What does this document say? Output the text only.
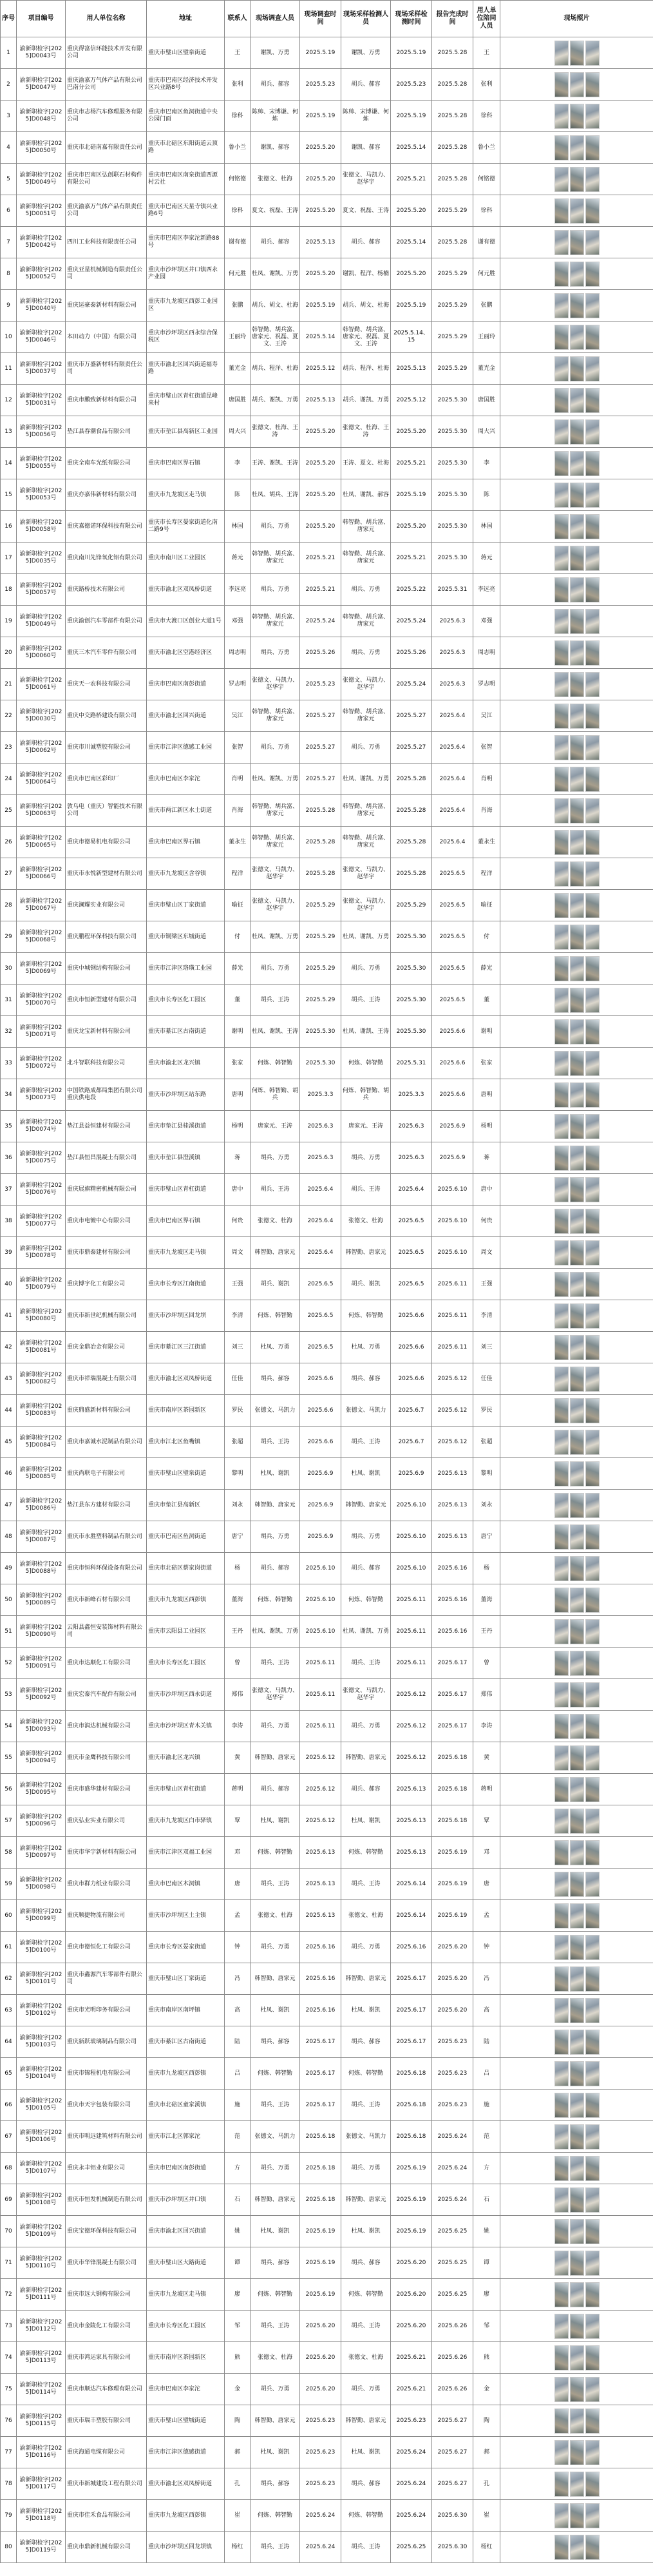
序号	项目编号	用人单位名称	地址	联系人	现场调查人员	现场调查时间	现场采样检测人员	现场采样检测时间	报告完成时间	用人单位陪同人员	现场照片
1	渝新职检字[2025]D0043号	重庆得富信环能技术开发有限公司	重庆市璧山区璧泉街道	王	谢凯、万勇	2025.5.19	谢凯、万勇	2025.5.19	2025.5.28	王	

2	渝新职检字[2025]D0047号	重庆渝嘉万气体产品有限公司巴南分公司	重庆市巴南区经济技术开发区兴业路8号	张利	胡兵、郝容	2025.5.23	胡兵、郝容	2025.5.23	2025.5.28	张利	

3	渝新职检字[2025]D0048号	重庆市志杨汽车修理服务有限公司	重庆市巴南区鱼洞街道中央公园门面	徐科	陈帅、宋博谦、何炼	2025.5.19	陈帅、宋博谦、何炼	2025.5.19	2025.5.28	徐科	

4	渝新职检字[2025]D0050号	重庆市北碚南嘉有限责任公司	重庆市北碚区东阳街道云顶路	鲁小兰	谢凯、郝容	2025.5.20	谢凯、郝容	2025.5.14	2025.5.28	鲁小兰	

5	渝新职检字[2025]D0049号	重庆市巴南区弘创联石材构件有限公司	重庆市巴南区南泉街道西源村云社	何铭德	张德文、杜海	2025.5.20	张德文、马凯力、赵华宇	2025.5.21	2025.5.28	何铭德	

6	渝新职检字[2025]D0051号	重庆渝嘉万气体产品有限责任公司	重庆市巴南区天星寺镇兴业路6号	徐科	夏文、祝磊、王涛	2025.5.20	夏文、祝磊、王涛	2025.5.20	2025.5.29	徐科	

7	渝新职检字[2025]D0042号	四川工业科技有限责任公司	重庆市巴南区李家沱新路88号	谢有德	胡兵、郝容	2025.5.13	胡兵、郝容	2025.5.14	2025.5.28	谢有德	

8	渝新职检字[2025]D0052号	重庆亚星机械制造有限责任公司	重庆市沙坪坝区井口镇西永产业园	何元胜	杜凤、谢凯、万勇	2025.5.20	谢凯、程洋、杨楠	2025.5.20	2025.5.29	何元胜	

9	渝新职检字[2025]D0040号	重庆运豪泰新材料有限公司	重庆市九龙坡区西彭工业园区	张鹏	胡兵、胡文、杜海	2025.5.19	胡兵、胡文、杜海	2025.5.19	2025.5.29	张鹏	

10	渝新职检字[2025]D0046号	本田动力（中国）有限公司	重庆市沙坪坝区西永综合保税区	王丽玲	韩智勤、胡兵富、唐家元、祝磊、夏文、王涛	2025.5.14	韩智勤、胡兵富、唐家元、祝磊、夏文、王涛	2025.5.14、15	2025.5.29	王丽玲	

11	渝新职检字[2025]D0037号	重庆市万盛新材料有限责任公司	重庆市渝北区回兴街道福寿路	董光金	胡兵、程洋、杜海	2025.5.12	胡兵、程洋、杜海	2025.5.13	2025.5.29	董光金	

12	渝新职检字[2025]D0031号	重庆市鹏致新材料有限公司	重庆市璧山区青杠街道昆峰来村	唐国胜	胡兵、谢凯、万勇	2025.5.13	胡兵、谢凯、万勇	2025.5.12	2025.5.30	唐国胜	

13	渝新职检字[2025]D0056号	垫江县春潮食品有限公司	重庆市垫江县高新区工业园	周大兴	张德文、杜海、王涛	2025.5.20	张德文、杜海、王涛	2025.5.20	2025.5.30	周大兴	

14	渝新职检字[2025]D0055号	重庆全南车光纸有限公司	重庆市巴南区界石镇	李	王涛、谢凯、王涛	2025.5.20	王涛、夏文、杜海	2025.5.21	2025.5.30	李	

15	渝新职检字[2025]D0053号	重庆亦嘉伟新材料有限公司	重庆市九龙坡区走马镇	陈	杜凤、胡兵、王涛	2025.5.20	杜凤、谢凯、郝容	2025.5.19	2025.5.30	陈	

16	渝新职检字[2025]D0058号	重庆嘉德诺环保科技有限公司	重庆市长寿区晏家街道化南二路9号	林国	胡兵、万勇	2025.5.20	韩智勤、胡兵富、唐家元	2025.5.20	2025.5.30	林国	

17	渝新职检字[2025]D0035号	重庆南川先锋氧化铝有限公司	重庆市南川区工业园区	蒋元	韩智勤、胡兵富、唐家元	2025.5.21	韩智勤、胡兵富、唐家元	2025.5.21	2025.5.30	蒋元	

18	渝新职检字[2025]D0057号	重庆路桥技术有限公司	重庆市渝北区双凤桥街道	李远亮	胡兵、万勇	2025.5.21	胡兵、万勇	2025.5.22	2025.5.31	李远亮	

19	渝新职检字[2025]D0049号	重庆渝创汽车零部件有限公司	重庆市大渡口区创业大道1号	邓强	韩智勤、胡兵富、唐家元	2025.5.24	韩智勤、胡兵富、唐家元	2025.5.24	2025.6.3	邓强	

20	渝新职检字[2025]D0060号	重庆三木汽车零件有限公司	重庆市渝北区空港经济区	周志明	胡兵、万勇	2025.5.26	胡兵、万勇	2025.5.26	2025.6.3	周志明	

21	渝新职检字[2025]D0061号	重庆天一农科技有限公司	重庆市巴南区南彭街道	罗志明	张德文、马凯力、赵华宇	2025.5.23	张德文、马凯力、赵华宇	2025.5.24	2025.6.3	罗志明	

22	渝新职检字[2025]D0030号	重庆中交路桥建设有限公司	重庆市渝北区回兴街道	吴江	韩智勤、胡兵富、唐家元	2025.5.27	韩智勤、胡兵富、唐家元	2025.5.27	2025.6.4	吴江	

23	渝新职检字[2025]D0062号	重庆市川诚塑胶有限公司	重庆市江津区德感工业园	张智	胡兵、万勇	2025.5.27	胡兵、万勇	2025.5.27	2025.6.4	张智	

24	渝新职检字[2025]D0064号	重庆市巴南区彩印厂	重庆市巴南区李家沱	肖明	杜凤、谢凯、万勇	2025.5.27	杜凤、谢凯、万勇	2025.5.28	2025.6.4	肖明	

25	渝新职检字[2025]D0063号	敦乌电（重庆）智能技术有限公司	重庆市两江新区水土街道	肖海	韩智勤、胡兵富、唐家元	2025.5.28	韩智勤、胡兵富、唐家元	2025.5.28	2025.6.4	肖海	

26	渝新职检字[2025]D0065号	重庆市德易机电有限公司	重庆市巴南区界石镇	董永生	韩智勤、胡兵富、唐家元	2025.5.28	韩智勤、胡兵富、唐家元	2025.5.28	2025.6.4	董永生	

27	渝新职检字[2025]D0066号	重庆市永悦新型建材有限公司	重庆市九龙坡区含谷镇	程洋	张德文、马凯力、赵华宇	2025.5.28	张德文、马凯力、赵华宇	2025.5.28	2025.6.5	程洋	

28	渝新职检字[2025]D0067号	重庆澜耀实业有限公司	重庆市璧山区丁家街道	喻征	张德文、马凯力、赵华宇	2025.5.29	张德文、马凯力、赵华宇	2025.5.29	2025.6.5	喻征	

29	渝新职检字[2025]D0068号	重庆鹏程环保科技有限公司	重庆市铜梁区东城街道	付	杜凤、谢凯、万勇	2025.5.29	杜凤、谢凯、万勇	2025.5.30	2025.6.5	付	

30	渝新职检字[2025]D0069号	重庆中城钢结构有限公司	重庆市江津区珞璜工业园	薛光	胡兵、万勇	2025.5.29	胡兵、万勇	2025.5.30	2025.6.5	薛光	

31	渝新职检字[2025]D0070号	重庆市恒新型建材有限公司	重庆市长寿区化工园区	董	胡兵、王涛	2025.5.29	胡兵、王涛	2025.5.30	2025.6.5	董	

32	渝新职检字[2025]D0071号	重庆龙宝新材料有限公司	重庆市綦江区古南街道	谢明	杜凤、谢凯、王涛	2025.5.30	杜凤、谢凯、王涛	2025.5.30	2025.6.6	谢明	

33	渝新职检字[2025]D0072号	北斗智联科技有限公司	重庆市渝北区龙兴镇	张家	何炼、韩智勤	2025.5.30	何炼、韩智勤	2025.5.31	2025.6.6	张家	

34	渝新职检字[2025]D0073号	中国铁路成都局集团有限公司重庆供电段	重庆市沙坪坝区站东路	唐明	何炼、韩智勤、胡兵	2025.3.3	何炼、韩智勤、胡兵	2025.3.3	2025.6.6	唐明	

35	渝新职检字[2025]D0074号	垫江县益恒建材有限公司	重庆市垫江县桂溪街道	杨明	唐家元、王涛	2025.6.3	唐家元、王涛	2025.6.3	2025.6.9	杨明	

36	渝新职检字[2025]D0075号	垫江县恒昌混凝土有限公司	重庆市垫江县澄溪镇	蒋	胡兵、万勇	2025.6.3	胡兵、万勇	2025.6.3	2025.6.9	蒋	

37	渝新职检字[2025]D0076号	重庆展旗精密机械有限公司	重庆市璧山区青杠街道	唐中	胡兵、王涛	2025.6.4	胡兵、王涛	2025.6.4	2025.6.10	唐中	

38	渝新职检字[2025]D0077号	重庆市电镀中心有限公司	重庆市巴南区界石镇	何贵	张德文、杜海	2025.6.4	张德文、杜海	2025.6.5	2025.6.10	何贵	

39	渝新职检字[2025]D0078号	重庆市鼎泰建材有限公司	重庆市九龙坡区走马镇	周文	韩智勤、唐家元	2025.6.4	韩智勤、唐家元	2025.6.5	2025.6.10	周文	

40	渝新职检字[2025]D0079号	重庆博宇化工有限公司	重庆市长寿区江南街道	王强	胡兵、谢凯	2025.6.5	胡兵、谢凯	2025.6.5	2025.6.11	王强	

41	渝新职检字[2025]D0080号	重庆市新世纪机械有限公司	重庆市沙坪坝区回龙坝	李清	何炼、韩智勤	2025.6.5	何炼、韩智勤	2025.6.6	2025.6.11	李清	

42	渝新职检字[2025]D0081号	重庆金鼎冶金有限公司	重庆市綦江区三江街道	刘三	杜凤、万勇	2025.6.5	杜凤、万勇	2025.6.6	2025.6.11	刘三	

43	渝新职检字[2025]D0082号	重庆市祥瑞混凝土有限公司	重庆市渝北区双凤桥街道	任佳	胡兵、郝容	2025.6.6	胡兵、郝容	2025.6.6	2025.6.12	任佳	

44	渝新职检字[2025]D0083号	重庆鼎盛新材料有限公司	重庆市南岸区茶园新区	罗民	张德文、马凯力	2025.6.6	张德文、马凯力	2025.6.7	2025.6.12	罗民	

45	渝新职检字[2025]D0084号	重庆市嘉诚水泥制品有限公司	重庆市江北区鱼嘴镇	张超	胡兵、王涛	2025.6.6	胡兵、王涛	2025.6.7	2025.6.12	张超	

46	渝新职检字[2025]D0085号	重庆尚联电子有限公司	重庆市璧山区璧泉街道	黎明	杜凤、谢凯	2025.6.9	杜凤、谢凯	2025.6.9	2025.6.13	黎明	

47	渝新职检字[2025]D0086号	垫江县东方建材有限公司	重庆市垫江县高新区	刘永	韩智勤、唐家元	2025.6.9	韩智勤、唐家元	2025.6.10	2025.6.13	刘永	

48	渝新职检字[2025]D0087号	重庆市永胜塑料制品有限公司	重庆市巴南区鱼洞街道	唐宁	胡兵、万勇	2025.6.9	胡兵、万勇	2025.6.10	2025.6.13	唐宁	

49	渝新职检字[2025]D0088号	重庆市恒科环保设备有限公司	重庆市北碚区蔡家岗街道	杨	胡兵、郝容	2025.6.10	胡兵、郝容	2025.6.10	2025.6.16	杨	

50	渝新职检字[2025]D0089号	重庆市新峰石材有限公司	重庆市九龙坡区西彭镇	董海	何炼、韩智勤	2025.6.10	何炼、韩智勤	2025.6.11	2025.6.16	董海	

51	渝新职检字[2025]D0090号	云阳县鑫恒安装饰材料有限公司	重庆市云阳县工业园区	王丹	杜凤、谢凯、万勇	2025.6.10	杜凤、谢凯、万勇	2025.6.11	2025.6.16	王丹	

52	渝新职检字[2025]D0091号	重庆市达顺化工有限公司	重庆市长寿区化工园区	曾	胡兵、王涛	2025.6.11	胡兵、王涛	2025.6.11	2025.6.17	曾	

53	渝新职检字[2025]D0092号	重庆宏泰汽车配件有限公司	重庆市沙坪坝区西永街道	郑伟	张德文、马凯力、赵华宇	2025.6.11	张德文、马凯力、赵华宇	2025.6.12	2025.6.17	郑伟	

54	渝新职检字[2025]D0093号	重庆市润达机械有限公司	重庆市沙坪坝区青木关镇	李涛	胡兵、万勇	2025.6.11	胡兵、万勇	2025.6.12	2025.6.17	李涛	

55	渝新职检字[2025]D0094号	重庆市金鹰科技有限公司	重庆市渝北区龙兴镇	黄	韩智勤、唐家元	2025.6.12	韩智勤、唐家元	2025.6.12	2025.6.18	黄	

56	渝新职检字[2025]D0095号	重庆市盛华建材有限公司	重庆市璧山区青杠街道	蒋明	胡兵、郝容	2025.6.12	胡兵、郝容	2025.6.13	2025.6.18	蒋明	

57	渝新职检字[2025]D0096号	重庆弘业实业有限公司	重庆市九龙坡区白市驿镇	覃	杜凤、谢凯	2025.6.12	杜凤、谢凯	2025.6.13	2025.6.18	覃	

58	渝新职检字[2025]D0097号	重庆市华宇新材料有限公司	重庆市江津区双福工业园	邓	何炼、韩智勤	2025.6.13	何炼、韩智勤	2025.6.13	2025.6.19	邓	

59	渝新职检字[2025]D0098号	重庆市群力纸业有限公司	重庆市巴南区木洞镇	唐	胡兵、王涛	2025.6.13	胡兵、王涛	2025.6.14	2025.6.19	唐	

60	渝新职检字[2025]D0099号	重庆顺捷物流有限公司	重庆市沙坪坝区土主镇	孟	张德文、杜海	2025.6.13	张德文、杜海	2025.6.14	2025.6.19	孟	

61	渝新职检字[2025]D0100号	重庆市德恒化工有限公司	重庆市长寿区晏家街道	钟	胡兵、万勇	2025.6.16	胡兵、万勇	2025.6.16	2025.6.20	钟	

62	渝新职检字[2025]D0101号	重庆市鑫源汽车零部件有限公司	重庆市璧山区丁家街道	冯	韩智勤、唐家元	2025.6.16	韩智勤、唐家元	2025.6.17	2025.6.20	冯	

63	渝新职检字[2025]D0102号	重庆市光明印务有限公司	重庆市南岸区南坪镇	高	杜凤、谢凯	2025.6.16	杜凤、谢凯	2025.6.17	2025.6.20	高	

64	渝新职检字[2025]D0103号	重庆新跃玻璃制品有限公司	重庆市綦江区古南街道	陆	胡兵、郝容	2025.6.17	胡兵、郝容	2025.6.17	2025.6.23	陆	

65	渝新职检字[2025]D0104号	重庆市锦程机电有限公司	重庆市九龙坡区西彭镇	吕	何炼、韩智勤	2025.6.17	何炼、韩智勤	2025.6.18	2025.6.23	吕	

66	渝新职检字[2025]D0105号	重庆市天宇包装有限公司	重庆市北碚区童家溪镇	施	胡兵、王涛	2025.6.17	胡兵、王涛	2025.6.18	2025.6.23	施	

67	渝新职检字[2025]D0106号	重庆市明远建筑材料有限公司	重庆市江北区郭家沱	范	张德文、马凯力	2025.6.18	张德文、马凯力	2025.6.18	2025.6.24	范	

68	渝新职检字[2025]D0107号	重庆永丰铝业有限公司	重庆市巴南区南彭街道	方	胡兵、万勇	2025.6.18	胡兵、万勇	2025.6.19	2025.6.24	方	

69	渝新职检字[2025]D0108号	重庆市恒发机械制造有限公司	重庆市沙坪坝区井口镇	石	韩智勤、唐家元	2025.6.18	韩智勤、唐家元	2025.6.19	2025.6.24	石	

70	渝新职检字[2025]D0109号	重庆宝德环保科技有限公司	重庆市渝北区回兴街道	姚	杜凤、谢凯	2025.6.19	杜凤、谢凯	2025.6.19	2025.6.25	姚	

71	渝新职检字[2025]D0110号	重庆市华锋混凝土有限公司	重庆市璧山区大路街道	谭	胡兵、郝容	2025.6.19	胡兵、郝容	2025.6.20	2025.6.25	谭	

72	渝新职检字[2025]D0111号	重庆市远大钢构有限公司	重庆市九龙坡区走马镇	廖	何炼、韩智勤	2025.6.19	何炼、韩智勤	2025.6.20	2025.6.25	廖	

73	渝新职检字[2025]D0112号	重庆市金陵化工有限公司	重庆市长寿区化工园区	邹	胡兵、王涛	2025.6.20	胡兵、王涛	2025.6.20	2025.6.26	邹	

74	渝新职检字[2025]D0113号	重庆市鸿运家具有限公司	重庆市南岸区茶园新区	熊	张德文、杜海	2025.6.20	张德文、杜海	2025.6.21	2025.6.26	熊	

75	渝新职检字[2025]D0114号	重庆市顺达汽车修理有限公司	重庆市巴南区李家沱	金	胡兵、万勇	2025.6.20	胡兵、万勇	2025.6.21	2025.6.26	金	

76	渝新职检字[2025]D0115号	重庆市瑞丰塑胶有限公司	重庆市璧山区璧城街道	陶	韩智勤、唐家元	2025.6.23	韩智勤、唐家元	2025.6.23	2025.6.27	陶	

77	渝新职检字[2025]D0116号	重庆海通电缆有限公司	重庆市江津区德感街道	郝	杜凤、谢凯	2025.6.23	杜凤、谢凯	2025.6.24	2025.6.27	郝	

78	渝新职检字[2025]D0117号	重庆市新城建设工程有限公司	重庆市渝北区双凤桥街道	孔	胡兵、郝容	2025.6.23	胡兵、郝容	2025.6.24	2025.6.27	孔	

79	渝新职检字[2025]D0118号	重庆市佳禾食品有限公司	重庆市九龙坡区西彭镇	崔	何炼、韩智勤	2025.6.24	何炼、韩智勤	2025.6.24	2025.6.30	崔	

80	渝新职检字[2025]D0119号	重庆市鼎新机械有限公司	重庆市沙坪坝区回龙坝镇	杨红	胡兵、王涛	2025.6.24	胡兵、王涛	2025.6.25	2025.6.30	杨红	
